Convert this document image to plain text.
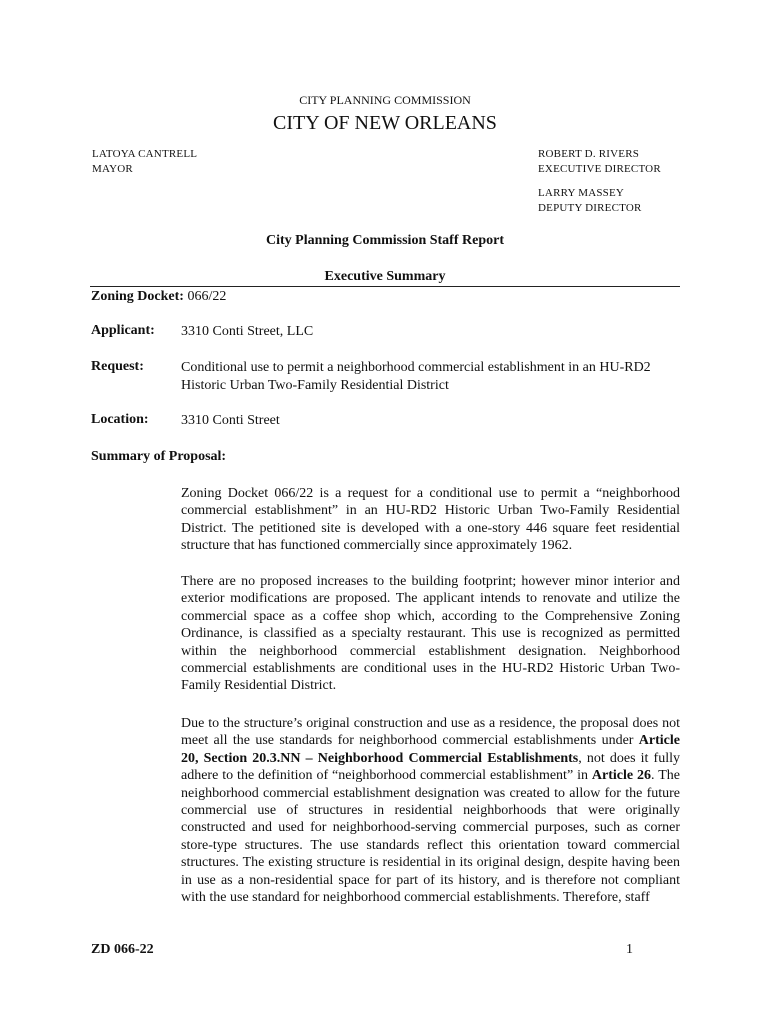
CITY PLANNING COMMISSION
CITY OF NEW ORLEANS
LATOYA CANTRELL
MAYOR
ROBERT D. RIVERS
EXECUTIVE DIRECTOR
LARRY MASSEY
DEPUTY DIRECTOR
City Planning Commission Staff Report
Executive Summary
Zoning Docket: 066/22
Applicant: 3310 Conti Street, LLC
Request:	Conditional use to permit a neighborhood commercial establishment in an HU-RD2 Historic Urban Two-Family Residential District
Location: 3310 Conti Street
Summary of Proposal:

Zoning Docket 066/22 is a request for a conditional use to permit a “neighborhood commercial establishment” in an HU-RD2 Historic Urban Two-Family Residential District. The petitioned site is developed with a one-story 446 square feet residential structure that has functioned commercially since approximately 1962.

There are no proposed increases to the building footprint; however minor interior and exterior modifications are proposed. The applicant intends to renovate and utilize the commercial space as a coffee shop which, according to the Comprehensive Zoning Ordinance, is classified as a specialty restaurant. This use is recognized as permitted within the neighborhood commercial establishment designation. Neighborhood commercial establishments are conditional uses in the HU-RD2 Historic Urban Two-Family Residential District.

Due to the structure’s original construction and use as a residence, the proposal does not meet all the use standards for neighborhood commercial establishments under Article 20, Section 20.3.NN – Neighborhood Commercial Establishments, not does it fully adhere to the definition of “neighborhood commercial establishment” in Article 26. The neighborhood commercial establishment designation was created to allow for the future commercial use of structures in residential neighborhoods that were originally constructed and used for neighborhood-serving commercial purposes, such as corner store-type structures. The use standards reflect this orientation toward commercial structures. The existing structure is residential in its original design, despite having been in use as a non-residential space for part of its history, and is therefore not compliant with the use standard for neighborhood commercial establishments. Therefore, staff

ZD 066-22	1
